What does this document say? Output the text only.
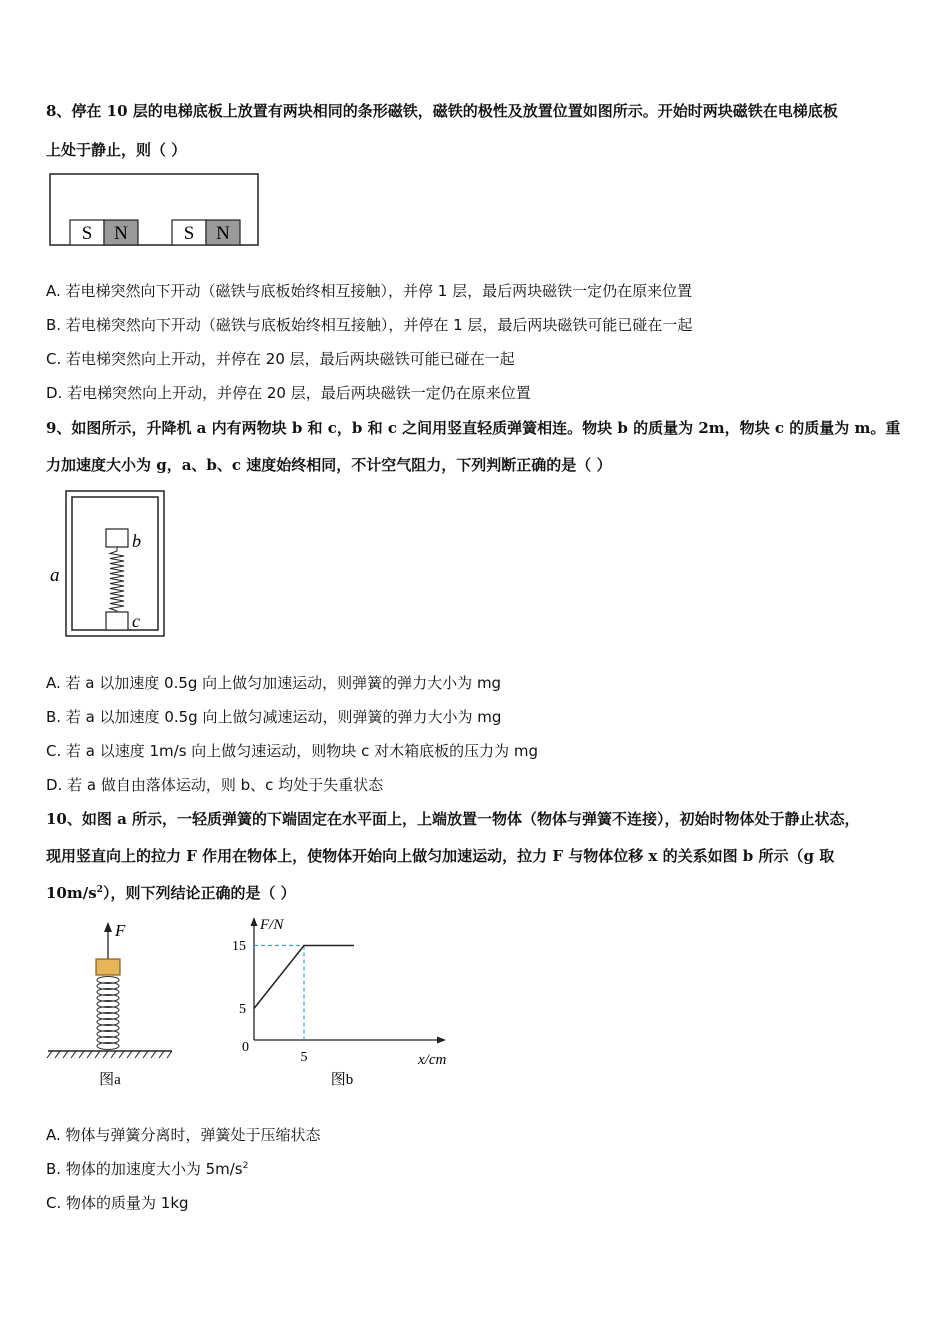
8、停在 10 层的电梯底板上放置有两块相同的条形磁铁，磁铁的极性及放置位置如图所示。开始时两块磁铁在电梯底板
上处于静止，则（ ）
S N	S N
A. 若电梯突然向下开动（磁铁与底板始终相互接触），并停 1 层，最后两块磁铁一定仍在原来位置
B. 若电梯突然向下开动（磁铁与底板始终相互接触），并停在 1 层，最后两块磁铁可能已碰在一起
C. 若电梯突然向上开动，并停在 20 层，最后两块磁铁可能已碰在一起
D. 若电梯突然向上开动，并停在 20 层，最后两块磁铁一定仍在原来位置
9、如图所示，升降机 a 内有两物块 b 和 c，b 和 c 之间用竖直轻质弹簧相连。物块 b 的质量为 2m，物块 c 的质量为 m。重
力加速度大小为 g，a、b、c 速度始终相同，不计空气阻力，下列判断正确的是（ ）
a
b
c
A. 若 a 以加速度 0.5g 向上做匀加速运动，则弹簧的弹力大小为 mg
B. 若 a 以加速度 0.5g 向上做匀减速运动，则弹簧的弹力大小为 mg
C. 若 a 以速度 1m/s 向上做匀速运动，则物块 c 对木箱底板的压力为 mg
D. 若 a 做自由落体运动，则 b、c 均处于失重状态
10、如图 a 所示，一轻质弹簧的下端固定在水平面上，上端放置一物体（物体与弹簧不连接），初始时物体处于静止状态，
现用竖直向上的拉力 F 作用在物体上，使物体开始向上做匀加速运动，拉力 F 与物体位移 x 的关系如图 b 所示（g 取
$10m/s^2$），则下列结论正确的是（ ）
F
图a
F/N
x/cm
0
15
5
5
图b
A. 物体与弹簧分离时，弹簧处于压缩状态
B. 物体的加速度大小为 $5m/s^2$
C. 物体的质量为 1kg
